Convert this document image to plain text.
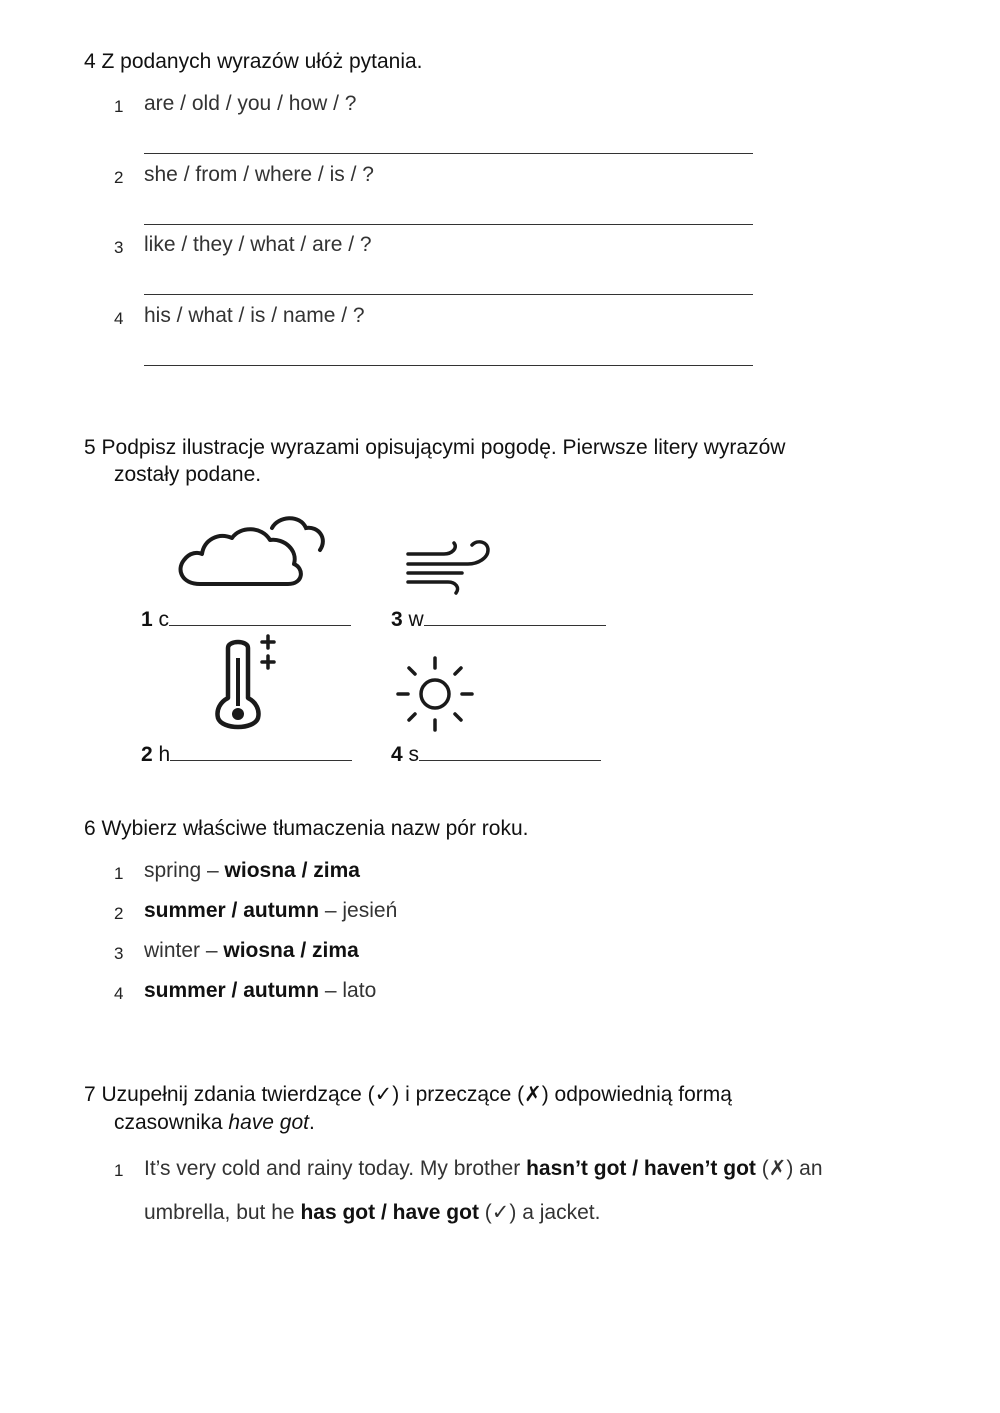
4 Z podanych wyrazów ułóż pytania.
1 are / old / you / how / ?
2 she / from / where / is / ?
3 like / they / what / are / ?
4 his / what / is / name / ?
5 Podpisz ilustracje wyrazami opisującymi pogodę. Pierwsze litery wyrazów
zostały podane.
1 c	3 w
2 h	4 s
6 Wybierz właściwe tłumaczenia nazw pór roku.
1 spring – wiosna / zima
2 summer / autumn – jesień
3 winter – wiosna / zima
4 summer / autumn – lato
7 Uzupełnij zdania twierdzące (✓) i przeczące (✗) odpowiednią formą
czasownika have got.
1 It’s very cold and rainy today. My brother hasn’t got / haven’t got (✗) an
umbrella, but he has got / have got (✓) a jacket.
